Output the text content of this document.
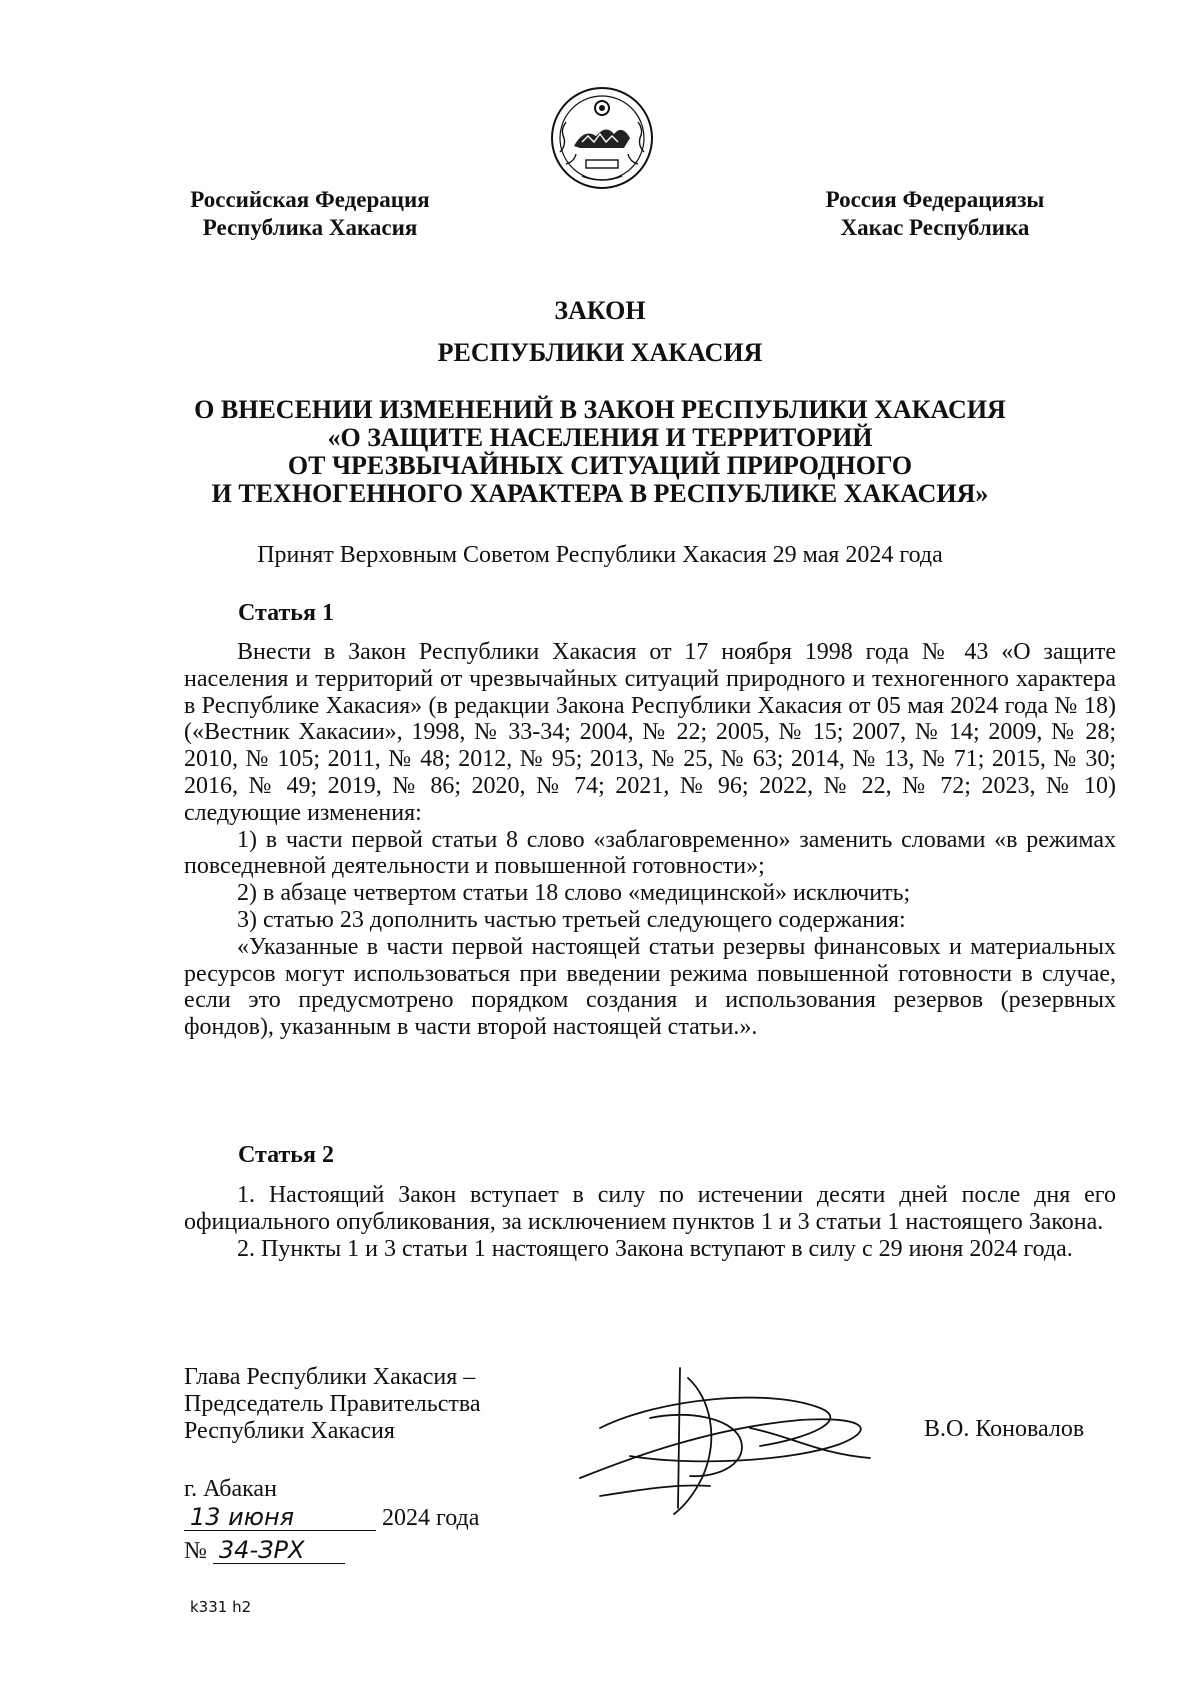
Российская Федерация
Республика Хакасия
Россия Федерациязы
Хакас Республика
ЗАКОН
РЕСПУБЛИКИ ХАКАСИЯ
О ВНЕСЕНИИ ИЗМЕНЕНИЙ В ЗАКОН РЕСПУБЛИКИ ХАКАСИЯ
«О ЗАЩИТЕ НАСЕЛЕНИЯ И ТЕРРИТОРИЙ
ОТ ЧРЕЗВЫЧАЙНЫХ СИТУАЦИЙ ПРИРОДНОГО
И ТЕХНОГЕННОГО ХАРАКТЕРА В РЕСПУБЛИКЕ ХАКАСИЯ»
Принят Верховным Советом Республики Хакасия 29 мая 2024 года
Статья 1

Внести в Закон Республики Хакасия от 17 ноября 1998 года № 43 «О защите населения и территорий от чрезвычайных ситуаций природного и техногенного характера в Республике Хакасия» (в редакции Закона Республики Хакасия от 05 мая 2024 года № 18) («Вестник Хакасии», 1998, № 33-34; 2004, № 22; 2005, № 15; 2007, № 14; 2009, № 28; 2010, № 105; 2011, № 48; 2012, № 95; 2013, № 25, № 63; 2014, № 13, № 71; 2015, № 30; 2016, № 49; 2019, № 86; 2020, № 74; 2021, № 96; 2022, № 22, № 72; 2023, № 10) следующие изменения:

1) в части первой статьи 8 слово «заблаговременно» заменить словами «в режимах повседневной деятельности и повышенной готовности»;

2) в абзаце четвертом статьи 18 слово «медицинской» исключить;

3) статью 23 дополнить частью третьей следующего содержания:

«Указанные в части первой настоящей статьи резервы финансовых и материальных ресурсов могут использоваться при введении режима повышенной готовности в случае, если это предусмотрено порядком создания и использования резервов (резервных фондов), указанным в части второй настоящей статьи.».

Статья 2

1. Настоящий Закон вступает в силу по истечении десяти дней после дня его официального опубликования, за исключением пунктов 1 и 3 статьи 1 настоящего Закона.

2. Пункты 1 и 3 статьи 1 настоящего Закона вступают в силу с 29 июня 2024 года.

Глава Республики Хакасия –
Председатель Правительства
Республики Хакасия	В.О. Коновалов
г. Абакан
13 июня	2024 года
№ 34-ЗРХ
k331 h2
